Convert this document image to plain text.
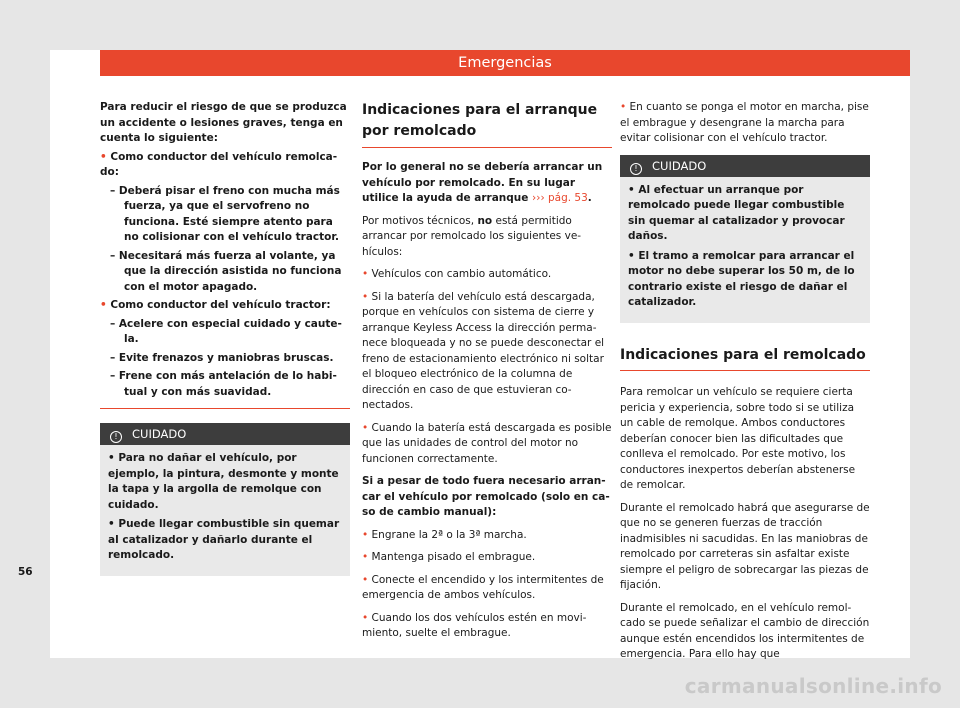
Emergencias

Para reducir el riesgo de que se produzca un accidente o lesiones graves, tenga en cuenta lo siguiente:

• Como conductor del vehículo remolcado:

– Deberá pisar el freno con mucha más fuerza, ya que el servofreno no funciona. Esté siempre atento para no colisionar con el vehículo tractor.

– Necesitará más fuerza al volante, ya que la dirección asistida no funciona con el motor apagado.

• Como conductor del vehículo tractor:

– Acelere con especial cuidado y cautela.

– Evite frenazos y maniobras bruscas.

– Frene con más antelación de lo habitual y con más suavidad.

! CUIDADO

• Para no dañar el vehículo, por ejemplo, la pintura, desmonte y monte la tapa y la argolla de remolque con cuidado.

• Puede llegar combustible sin quemar al catalizador y dañarlo durante el remolcado.

Indicaciones para el arranque por remolcado

Por lo general no se debería arrancar un vehículo por remolcado. En su lugar utilice la ayuda de arranque ››› pág. 53.

Por motivos técnicos, no está permitido arrancar por remolcado los siguientes vehículos:

• Vehículos con cambio automático.

• Si la batería del vehículo está descargada, porque en vehículos con sistema de cierre y arranque Keyless Access la dirección permanece bloqueada y no se puede desconectar el freno de estacionamiento electrónico ni soltar el bloqueo electrónico de la columna de dirección en caso de que estuvieran conectados.

• Cuando la batería está descargada es posible que las unidades de control del motor no funcionen correctamente.

Si a pesar de todo fuera necesario arrancar el vehículo por remolcado (solo en caso de cambio manual):

• Engrane la 2ª o la 3ª marcha.

• Mantenga pisado el embrague.

• Conecte el encendido y los intermitentes de emergencia de ambos vehículos.

• Cuando los dos vehículos estén en movimiento, suelte el embrague.

• En cuanto se ponga el motor en marcha, pise el embrague y desengrane la marcha para evitar colisionar con el vehículo tractor.

! CUIDADO

• Al efectuar un arranque por remolcado puede llegar combustible sin quemar al catalizador y provocar daños.

• El tramo a remolcar para arrancar el motor no debe superar los 50 m, de lo contrario existe el riesgo de dañar el catalizador.

Indicaciones para el remolcado

Para remolcar un vehículo se requiere cierta pericia y experiencia, sobre todo si se utiliza un cable de remolque. Ambos conductores deberían conocer bien las dificultades que conlleva el remolcado. Por este motivo, los conductores inexpertos deberían abstenerse de remolcar.

Durante el remolcado habrá que asegurarse de que no se generen fuerzas de tracción inadmisibles ni sacudidas. En las maniobras de remolcado por carreteras sin asfaltar existe siempre el peligro de sobrecargar las piezas de fijación.

Durante el remolcado, en el vehículo remolcado se puede señalizar el cambio de dirección aunque estén encendidos los intermitentes de emergencia. Para ello hay que

56
carmanualsonline.info
